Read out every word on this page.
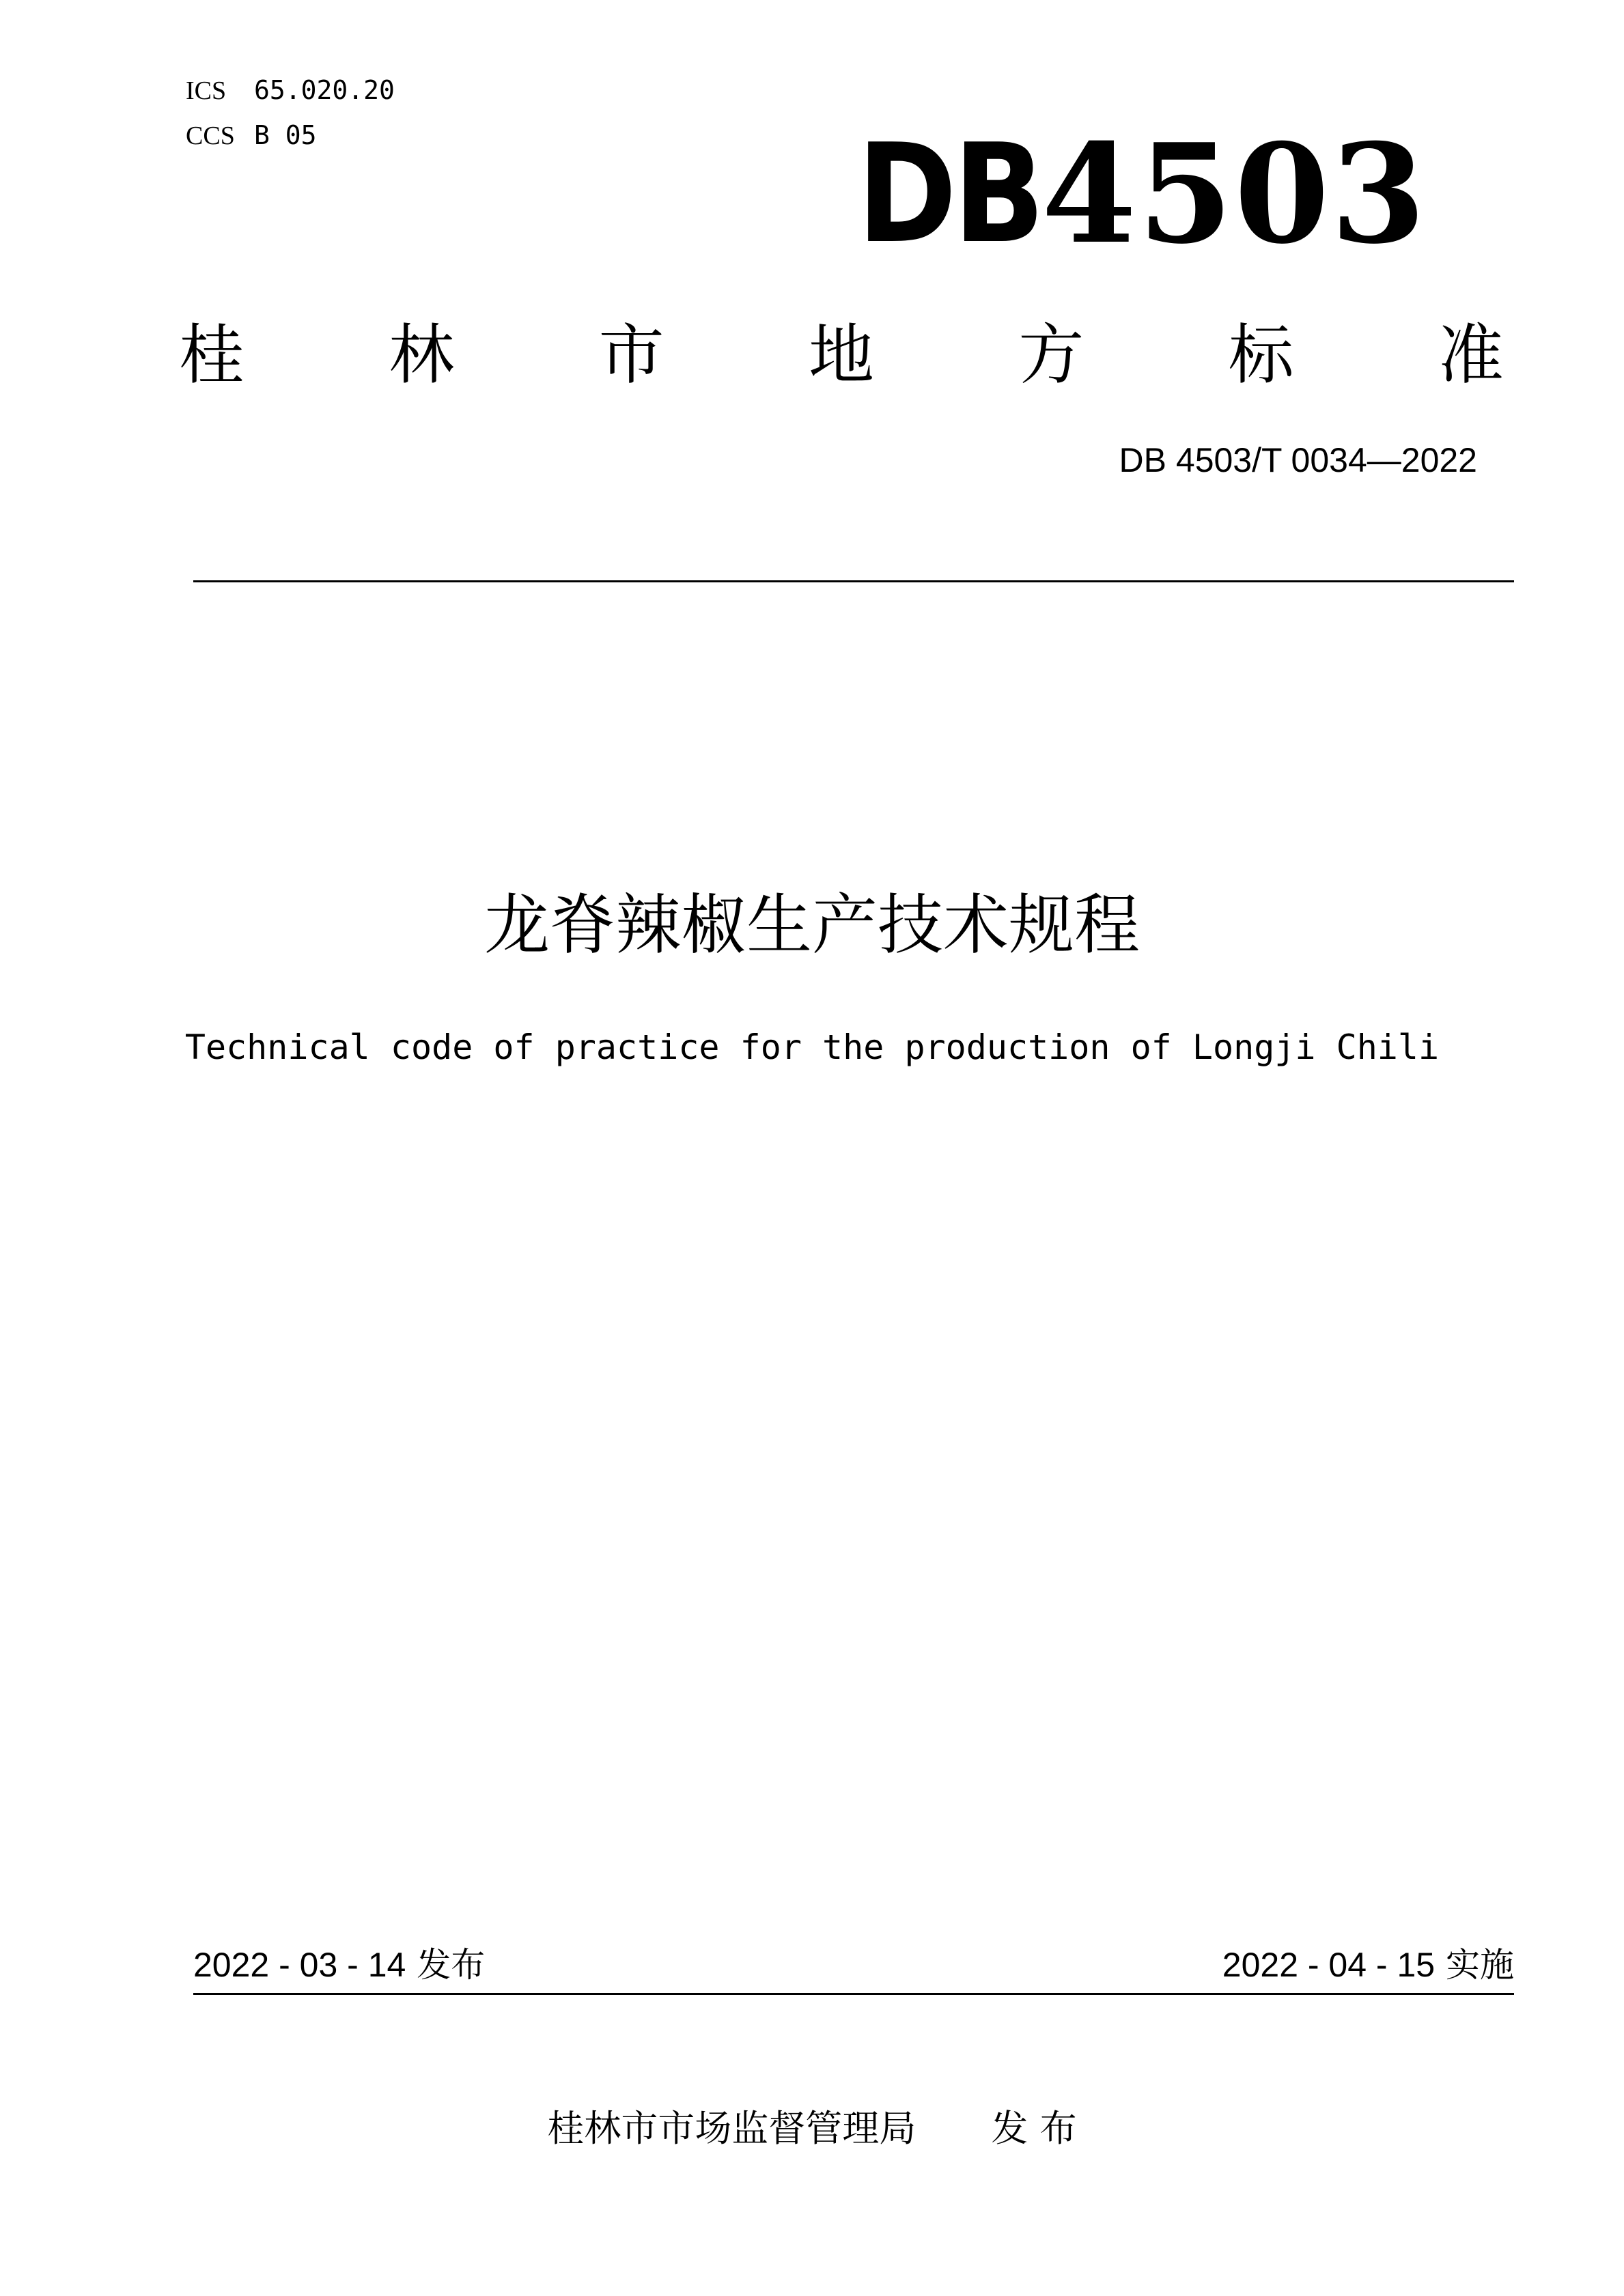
ICS 65.020.20
CCS B 05	DB 4503
桂 林 市 地 方 标 准
DB 4503/T 0034—2022
龙脊辣椒生产技术规程
Technical code of practice for the production of Longji Chili
2022 - 03 - 14 发布	2022 - 04 - 15 实施
桂林市市场监督管理局 发 布
